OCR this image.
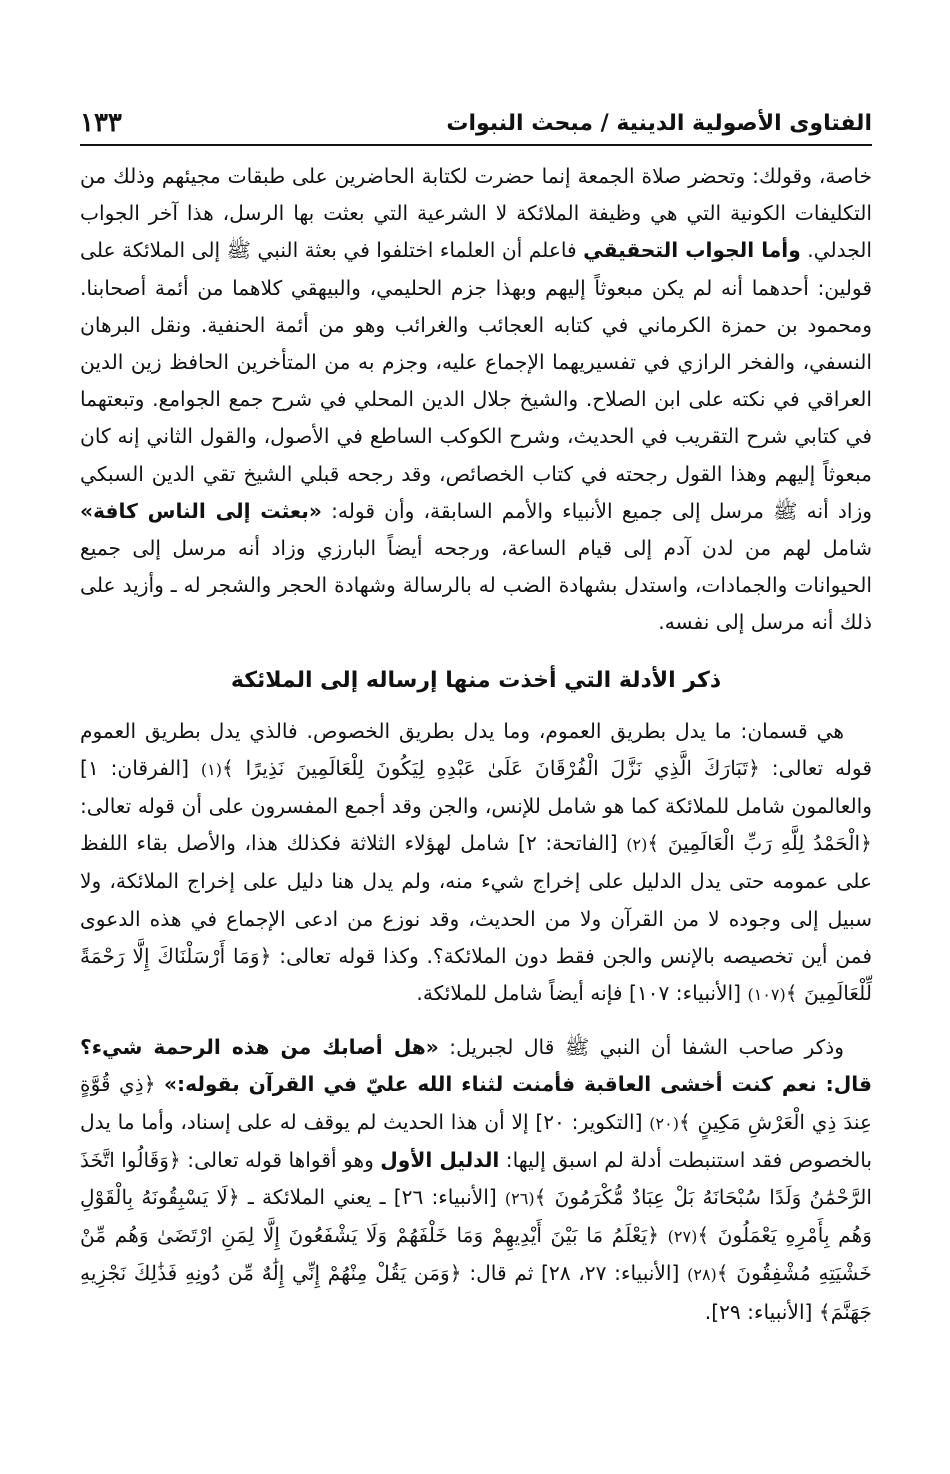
الفتاوى الأصولية الدينية / مبحث النبوات
١٣٣

خاصة، وقولك: وتحضر صلاة الجمعة إنما حضرت لكتابة الحاضرين على طبقات مجيئهم وذلك من التكليفات الكونية التي هي وظيفة الملائكة لا الشرعية التي بعثت بها الرسل، هذا آخر الجواب الجدلي. وأما الجواب التحقيقي فاعلم أن العلماء اختلفوا في بعثة النبي ﷺ إلى الملائكة على قولين: أحدهما أنه لم يكن مبعوثاً إليهم وبهذا جزم الحليمي، والبيهقي كلاهما من أئمة أصحابنا. ومحمود بن حمزة الكرماني في كتابه العجائب والغرائب وهو من أئمة الحنفية. ونقل البرهان النسفي، والفخر الرازي في تفسيريهما الإجماع عليه، وجزم به من المتأخرين الحافظ زين الدين العراقي في نكته على ابن الصلاح. والشيخ جلال الدين المحلي في شرح جمع الجوامع. وتبعتهما في كتابي شرح التقريب في الحديث، وشرح الكوكب الساطع في الأصول، والقول الثاني إنه كان مبعوثاً إليهم وهذا القول رجحته في كتاب الخصائص، وقد رجحه قبلي الشيخ تقي الدين السبكي وزاد أنه ﷺ مرسل إلى جميع الأنبياء والأمم السابقة، وأن قوله: «بعثت إلى الناس كافة» شامل لهم من لدن آدم إلى قيام الساعة، ورجحه أيضاً البارزي وزاد أنه مرسل إلى جميع الحيوانات والجمادات، واستدل بشهادة الضب له بالرسالة وشهادة الحجر والشجر له ـ وأزيد على ذلك أنه مرسل إلى نفسه.

ذكر الأدلة التي أخذت منها إرساله إلى الملائكة

هي قسمان: ما يدل بطريق العموم، وما يدل بطريق الخصوص. فالذي يدل بطريق العموم قوله تعالى: ﴿تَبَارَكَ الَّذِي نَزَّلَ الْفُرْقَانَ عَلَىٰ عَبْدِهِ لِيَكُونَ لِلْعَالَمِينَ نَذِيرًا ﴾(١) [الفرقان: ١] والعالمون شامل للملائكة كما هو شامل للإنس، والجن وقد أجمع المفسرون على أن قوله تعالى: ﴿الْحَمْدُ لِلَّهِ رَبِّ الْعَالَمِينَ ﴾(٢) [الفاتحة: ٢] شامل لهؤلاء الثلاثة فكذلك هذا، والأصل بقاء اللفظ على عمومه حتى يدل الدليل على إخراج شيء منه، ولم يدل هنا دليل على إخراج الملائكة، ولا سبيل إلى وجوده لا من القرآن ولا من الحديث، وقد نوزع من ادعى الإجماع في هذه الدعوى فمن أين تخصيصه بالإنس والجن فقط دون الملائكة؟. وكذا قوله تعالى: ﴿وَمَا أَرْسَلْنَاكَ إِلَّا رَحْمَةً لِّلْعَالَمِينَ ﴾(١٠٧) [الأنبياء: ١٠٧] فإنه أيضاً شامل للملائكة.

وذكر صاحب الشفا أن النبي ﷺ قال لجبريل: «هل أصابك من هذه الرحمة شيء؟ قال: نعم كنت أخشى العاقبة فأمنت لثناء الله عليّ في القرآن بقوله:» ﴿ذِي قُوَّةٍ عِندَ ذِي الْعَرْشِ مَكِينٍ ﴾(٢٠) [التكوير: ٢٠] إلا أن هذا الحديث لم يوقف له على إسناد، وأما ما يدل بالخصوص فقد استنبطت أدلة لم اسبق إليها: الدليل الأول وهو أقواها قوله تعالى: ﴿وَقَالُوا اتَّخَذَ الرَّحْمَٰنُ وَلَدًا سُبْحَانَهُ بَلْ عِبَادٌ مُّكْرَمُونَ ﴾(٢٦) [الأنبياء: ٢٦] ـ يعني الملائكة ـ ﴿لَا يَسْبِقُونَهُ بِالْقَوْلِ وَهُم بِأَمْرِهِ يَعْمَلُونَ ﴾(٢٧) ﴿يَعْلَمُ مَا بَيْنَ أَيْدِيهِمْ وَمَا خَلْفَهُمْ وَلَا يَشْفَعُونَ إِلَّا لِمَنِ ارْتَضَىٰ وَهُم مِّنْ خَشْيَتِهِ مُشْفِقُونَ ﴾(٢٨) [الأنبياء: ٢٧، ٢٨] ثم قال: ﴿وَمَن يَقُلْ مِنْهُمْ إِنِّي إِلَٰهٌ مِّن دُونِهِ فَذَٰلِكَ نَجْزِيهِ جَهَنَّمَ﴾ [الأنبياء: ٢٩].
